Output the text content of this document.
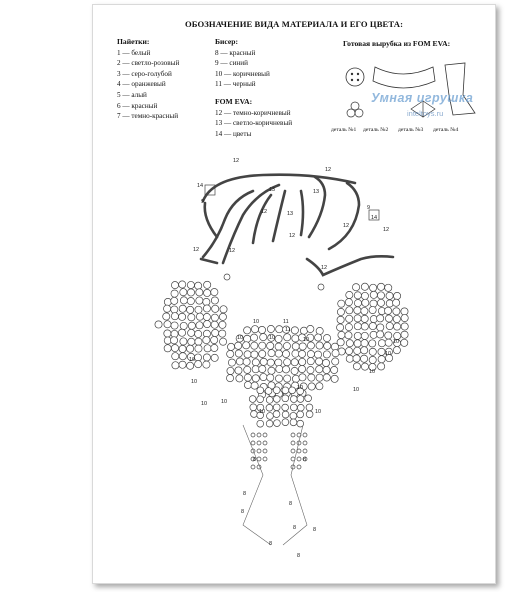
ОБОЗНАЧЕНИЕ ВИДА МАТЕРИАЛА И ЕГО ЦВЕТА:
Пайетки:
1 — белый
2 — светло-розовый
3 — серо-голубой
4 — оранжевый
5 — алый
6 — красный
7 — темно-красный
Бисер:
8 — красный
9 — синий
10 — коричневый
11 — черный
FOM EVA:
12 — темно-коричневый
13 — светло-коричневый
14 — цветы
Готовая вырубка из FOM EVA:
деталь №1 деталь №2 деталь №3 деталь №4
Умная игрушка
inteltoys.ru
14
9
12
13	13
13
12
12
12
12
12
12
9
14
12
12
11
11
10
10	10	10
10
10
10
10	10
10
10
10
10
10
10
8
8
8
8	8
8
8
8
8
